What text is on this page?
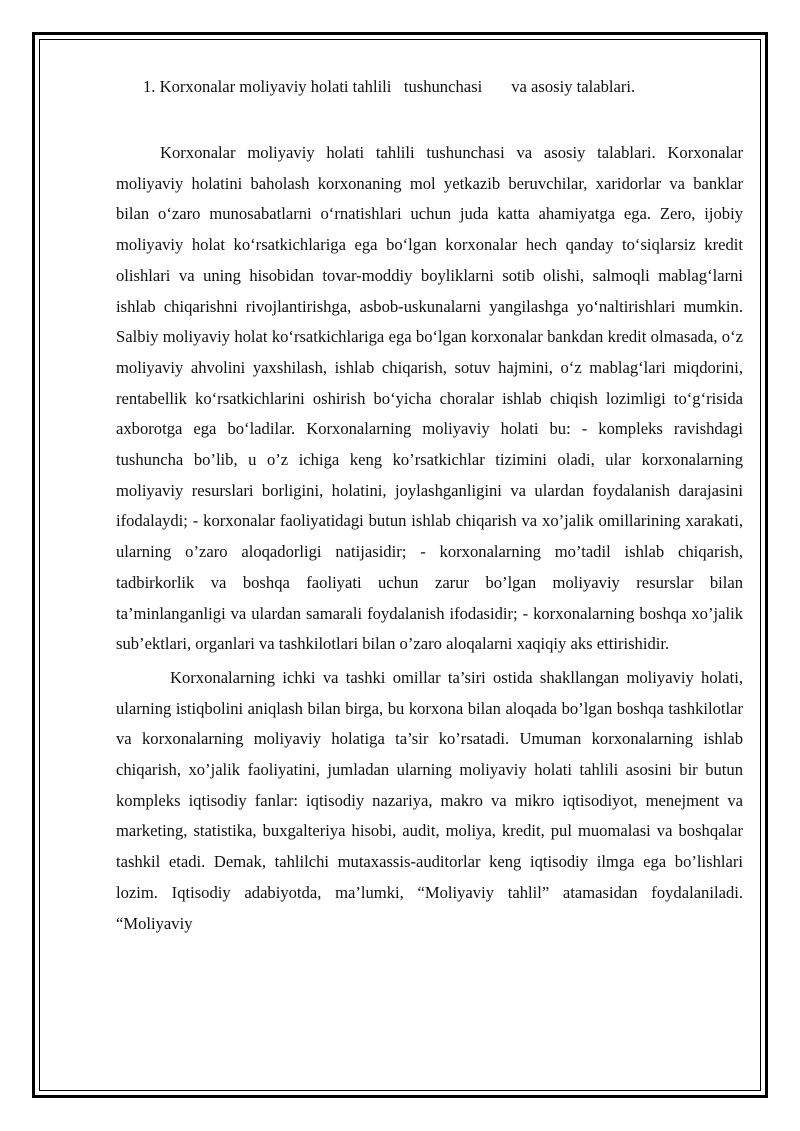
1. Korxonalar moliyaviy holati tahlili   tushunchasi       va asosiy talablari.

Korxonalar moliyaviy holati tahlili tushunchasi va asosiy talablari. Korxonalar moliyaviy holatini baholash korxonaning mol yetkazib beruvchilar, xaridorlar va banklar bilan o‘zaro munosabatlarni o‘rnatishlari uchun juda katta ahamiyatga ega. Zero, ijobiy moliyaviy holat ko‘rsatkichlariga ega bo‘lgan korxonalar hech qanday to‘siqlarsiz kredit olishlari va uning hisobidan tovar-moddiy boyliklarni sotib olishi, salmoqli mablag‘larni ishlab chiqarishni rivojlantirishga, asbob-uskunalarni yangilashga yo‘naltirishlari mumkin. Salbiy moliyaviy holat ko‘rsatkichlariga ega bo‘lgan korxonalar bankdan kredit olmasada, o‘z moliyaviy ahvolini yaxshilash, ishlab chiqarish, sotuv hajmini, o‘z mablag‘lari miqdorini, rentabellik ko‘rsatkichlarini oshirish bo‘yicha choralar ishlab chiqish lozimligi to‘g‘risida axborotga ega bo‘ladilar. Korxonalarning moliyaviy holati bu: - kompleks ravishdagi tushuncha bo’lib, u o’z ichiga keng ko’rsatkichlar tizimini oladi, ular korxonalarning moliyaviy resurslari borligini, holatini, joylashganligini va ulardan foydalanish darajasini ifodalaydi; - korxonalar faoliyatidagi butun ishlab chiqarish va xo’jalik omillarining xarakati, ularning o’zaro aloqadorligi natijasidir; - korxonalarning mo’tadil ishlab chiqarish, tadbirkorlik va boshqa faoliyati uchun zarur bo’lgan moliyaviy resurslar bilan ta’minlanganligi va ulardan samarali foydalanish ifodasidir; - korxonalarning boshqa xo’jalik sub’ektlari, organlari va tashkilotlari bilan o’zaro aloqalarni xaqiqiy aks ettirishidir.

Korxonalarning ichki va tashki omillar ta’siri ostida shakllangan moliyaviy holati, ularning istiqbolini aniqlash bilan birga, bu korxona bilan aloqada bo’lgan boshqa tashkilotlar va korxonalarning moliyaviy holatiga ta’sir ko’rsatadi. Umuman korxonalarning ishlab chiqarish, xo’jalik faoliyatini, jumladan ularning moliyaviy holati tahlili asosini bir butun kompleks iqtisodiy fanlar: iqtisodiy nazariya, makro va mikro iqtisodiyot, menejment va marketing, statistika, buxgalteriya hisobi, audit, moliya, kredit, pul muomalasi va boshqalar tashkil etadi. Demak, tahlilchi mutaxassis-auditorlar keng iqtisodiy ilmga ega bo’lishlari lozim. Iqtisodiy adabiyotda, ma’lumki, “Moliyaviy tahlil” atamasidan foydalaniladi. “Moliyaviy
